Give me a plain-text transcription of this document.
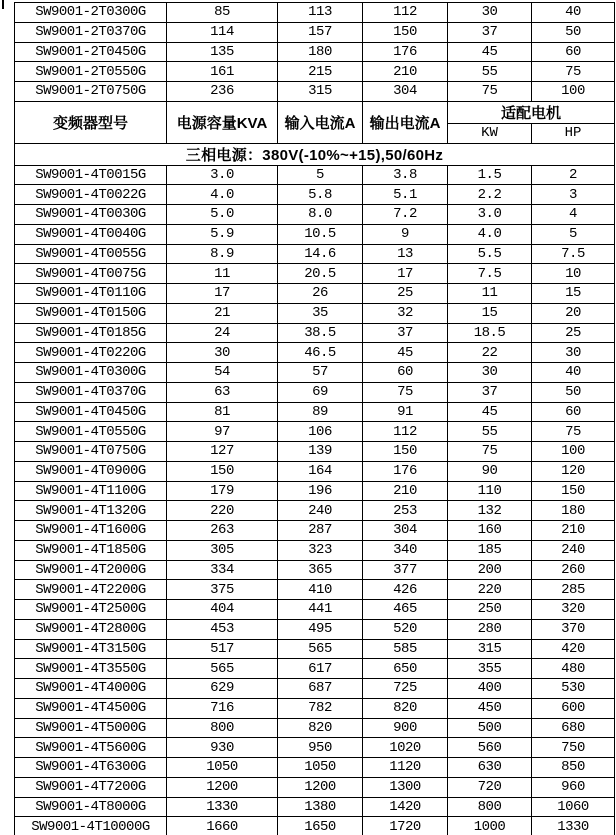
SW9001-2T0300G	85	113	112	30	40
SW9001-2T0370G	114	157	150	37	50
SW9001-2T0450G	135	180	176	45	60
SW9001-2T0550G	161	215	210	55	75
SW9001-2T0750G	236	315	304	75	100
变频器型号	电源容量KVA	输入电流A	输出电流A	适配电机	
				KW	HP
三相电源：380V(-10%~+15),50/60Hz					
SW9001-4T0015G	3.0	5	3.8	1.5	2
SW9001-4T0022G	4.0	5.8	5.1	2.2	3
SW9001-4T0030G	5.0	8.0	7.2	3.0	4
SW9001-4T0040G	5.9	10.5	9	4.0	5
SW9001-4T0055G	8.9	14.6	13	5.5	7.5
SW9001-4T0075G	11	20.5	17	7.5	10
SW9001-4T0110G	17	26	25	11	15
SW9001-4T0150G	21	35	32	15	20
SW9001-4T0185G	24	38.5	37	18.5	25
SW9001-4T0220G	30	46.5	45	22	30
SW9001-4T0300G	54	57	60	30	40
SW9001-4T0370G	63	69	75	37	50
SW9001-4T0450G	81	89	91	45	60
SW9001-4T0550G	97	106	112	55	75
SW9001-4T0750G	127	139	150	75	100
SW9001-4T0900G	150	164	176	90	120
SW9001-4T1100G	179	196	210	110	150
SW9001-4T1320G	220	240	253	132	180
SW9001-4T1600G	263	287	304	160	210
SW9001-4T1850G	305	323	340	185	240
SW9001-4T2000G	334	365	377	200	260
SW9001-4T2200G	375	410	426	220	285
SW9001-4T2500G	404	441	465	250	320
SW9001-4T2800G	453	495	520	280	370
SW9001-4T3150G	517	565	585	315	420
SW9001-4T3550G	565	617	650	355	480
SW9001-4T4000G	629	687	725	400	530
SW9001-4T4500G	716	782	820	450	600
SW9001-4T5000G	800	820	900	500	680
SW9001-4T5600G	930	950	1020	560	750
SW9001-4T6300G	1050	1050	1120	630	850
SW9001-4T7200G	1200	1200	1300	720	960
SW9001-4T8000G	1330	1380	1420	800	1060
SW9001-4T10000G	1660	1650	1720	1000	1330
